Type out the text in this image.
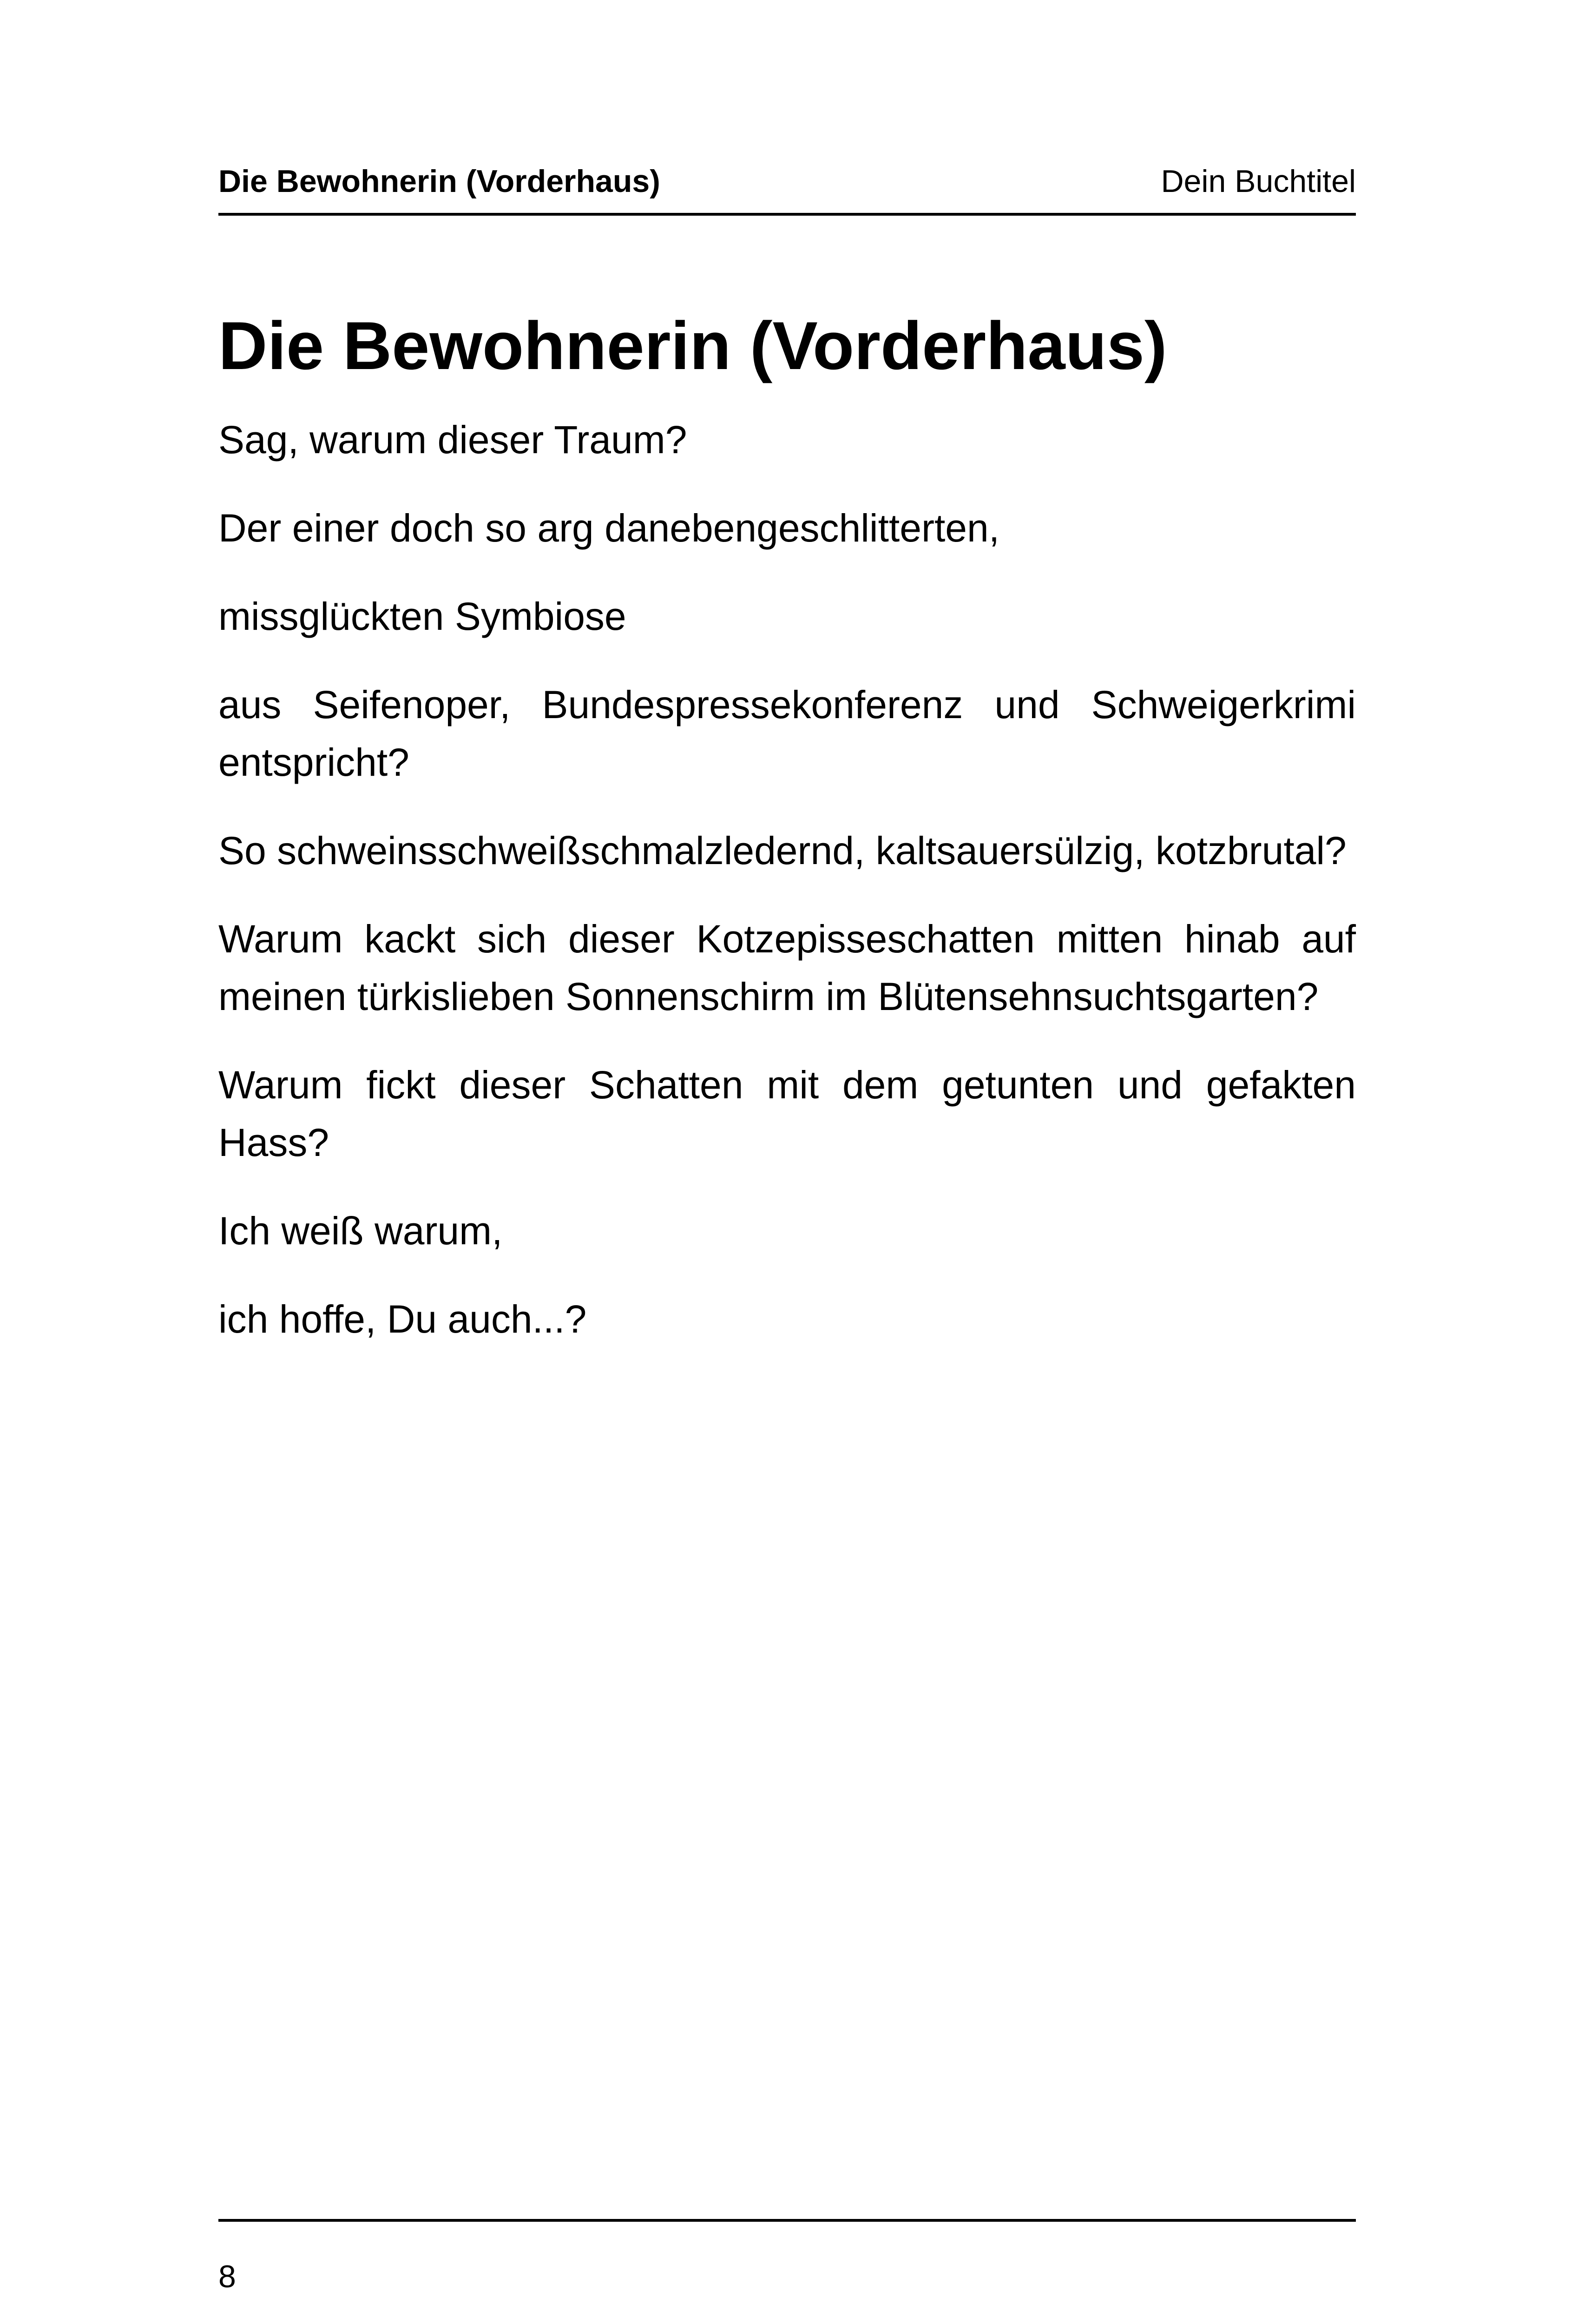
Die Bewohnerin (Vorderhaus)	Dein Buchtitel
Die Bewohnerin (Vorderhaus)

Sag, warum dieser Traum?

Der einer doch so arg danebengeschlitterten,

missglückten Symbiose

aus Seifenoper, Bundespressekonferenz und Schweigerkrimi entspricht?

So schweinsschweißschmalzledernd, kaltsauersülzig, kotzbrutal?

Warum kackt sich dieser Kotzepisseschatten mitten hinab auf meinen türkislieben Sonnenschirm im Blütensehnsuchtsgarten?

Warum fickt dieser Schatten mit dem getunten und gefakten Hass?

Ich weiß warum,

ich hoffe, Du auch...?

8
